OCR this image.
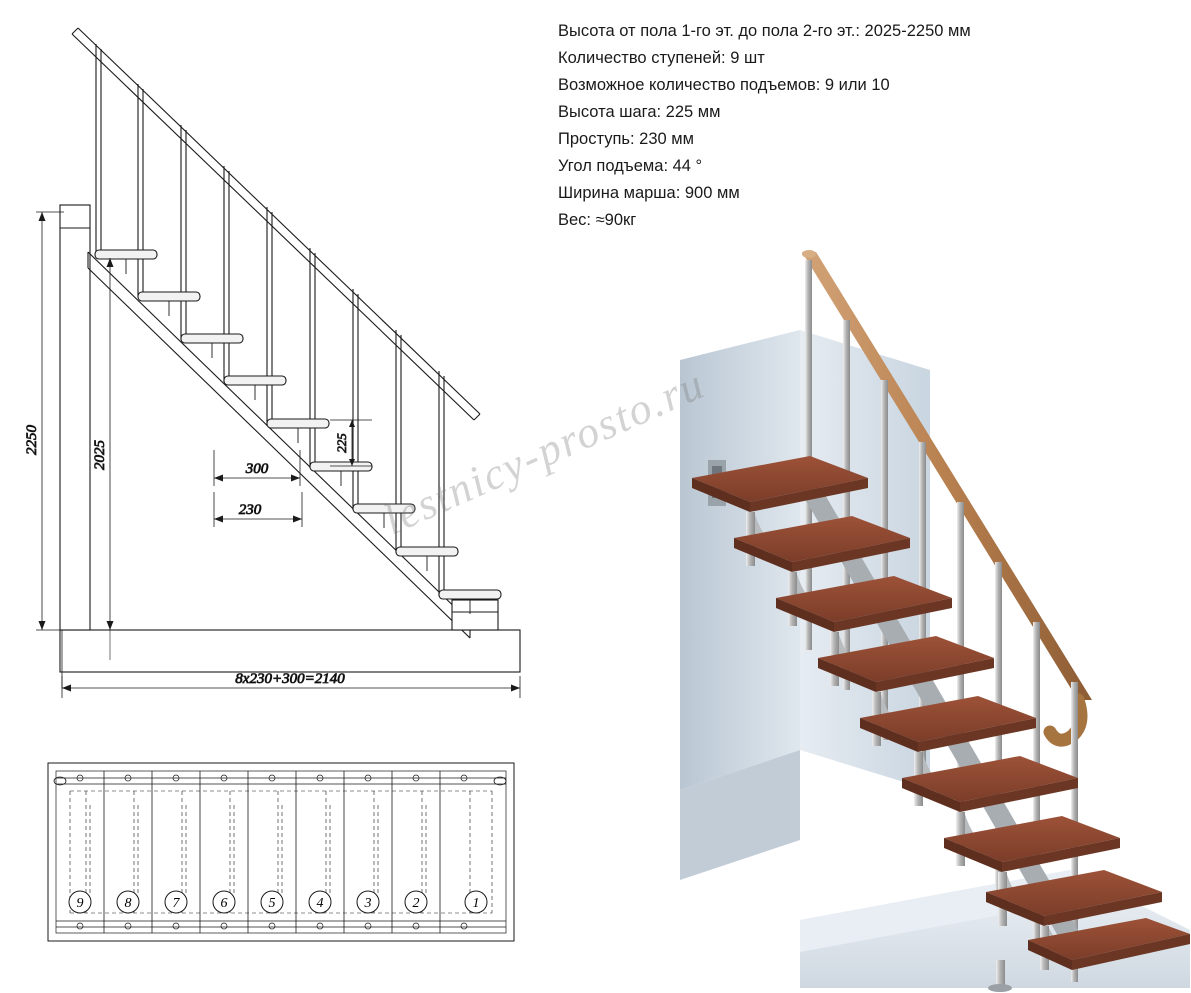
Высота от пола 1-го эт. до пола 2-го эт.: 2025-2250 мм
Количество ступеней: 9 шт
Возможное количество подъемов: 9 или 10
Высота шага: 225 мм
Проступь: 230 мм
Угол подъема: 44 °
Ширина марша: 900 мм
Вес: ≈90кг
2250	2025	225
300
230
8x230+300=2140
9	8	7	6	5	4	3	2	1
lestnicy-prosto.ru
